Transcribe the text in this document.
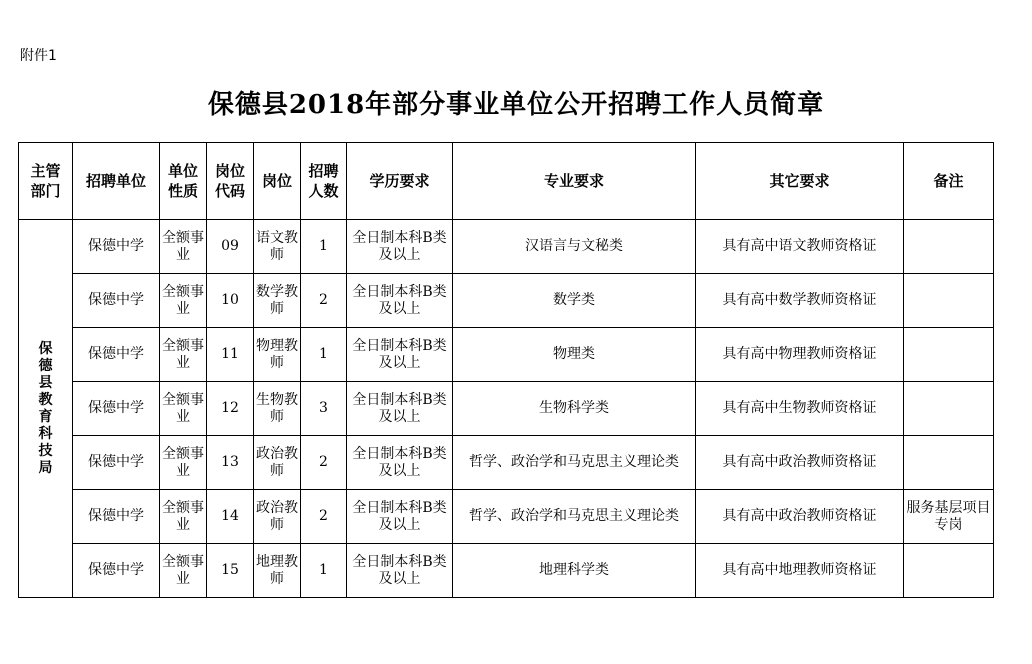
附件1
保德县2018年部分事业单位公开招聘工作人员简章
主管部门	招聘单位	单位性质	岗位代码	岗位	招聘人数	学历要求	专业要求	其它要求	备注

保德县教育科技局	保德中学	全额事业	09	语文教师	1	全日制本科B类及以上	汉语言与文秘类	具有高中语文教师资格证	
	保德中学	全额事业	10	数学教师	2	全日制本科B类及以上	数学类	具有高中数学教师资格证	
	保德中学	全额事业	11	物理教师	1	全日制本科B类及以上	物理类	具有高中物理教师资格证	
	保德中学	全额事业	12	生物教师	3	全日制本科B类及以上	生物科学类	具有高中生物教师资格证	
	保德中学	全额事业	13	政治教师	2	全日制本科B类及以上	哲学、政治学和马克思主义理论类	具有高中政治教师资格证	
	保德中学	全额事业	14	政治教师	2	全日制本科B类及以上	哲学、政治学和马克思主义理论类	具有高中政治教师资格证	服务基层项目专岗
	保德中学	全额事业	15	地理教师	1	全日制本科B类及以上	地理科学类	具有高中地理教师资格证	
